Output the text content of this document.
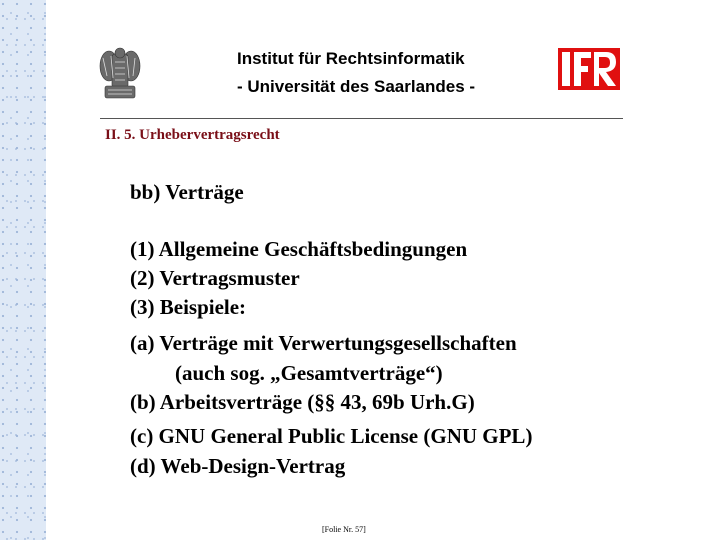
Institut für Rechtsinformatik
- Universität des Saarlandes -
II. 5. Urhebervertragsrecht
bb) Verträge
(1) Allgemeine Geschäftsbedingungen
(2) Vertragsmuster
(3) Beispiele:
(a) Verträge mit Verwertungsgesellschaften
(auch sog. „Gesamtverträge“)
(b) Arbeitsverträge (§§ 43, 69b Urh.G)
(c) GNU General Public License (GNU GPL)
(d) Web-Design-Vertrag
[Folie Nr. 57]
